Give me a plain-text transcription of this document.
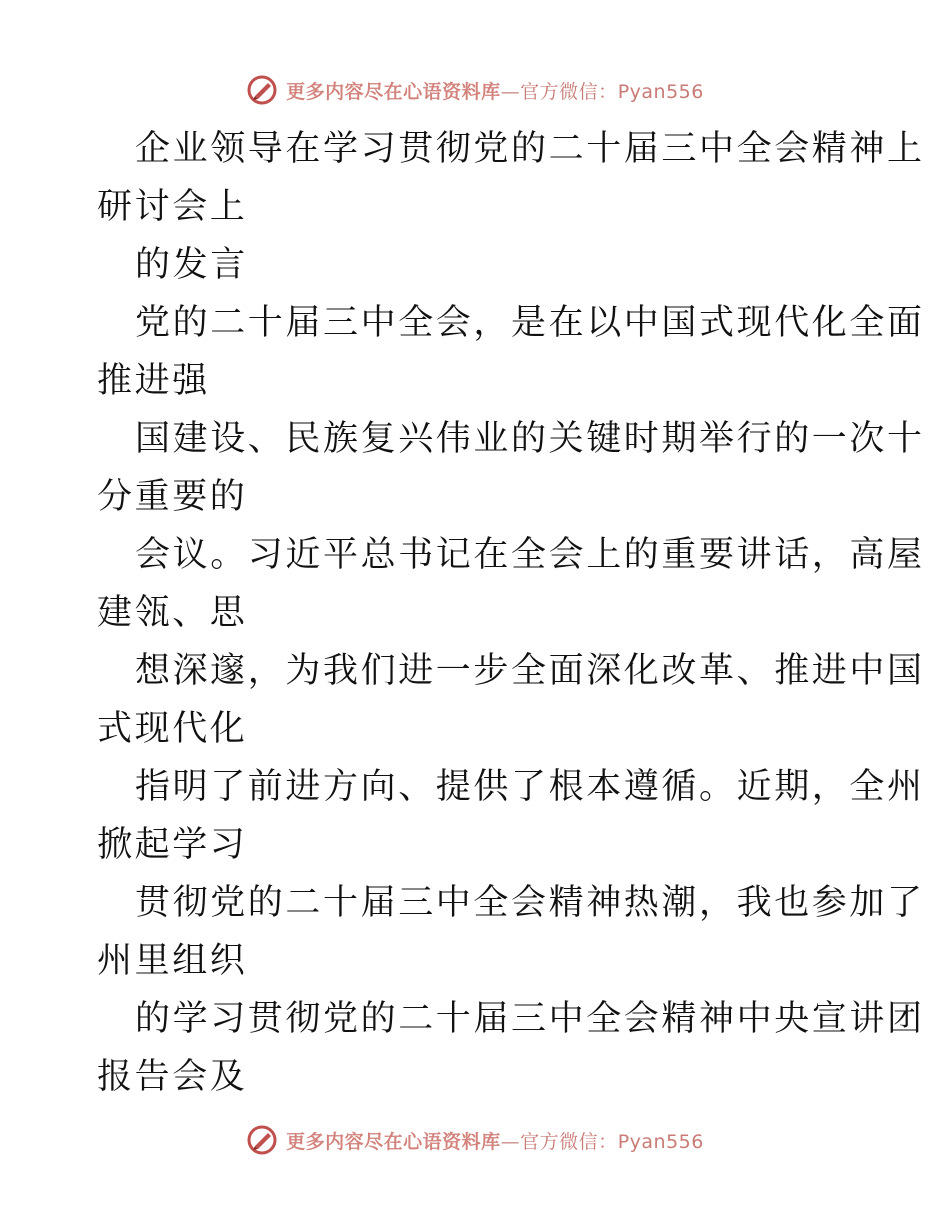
更多内容尽在心语资料库—官方微信：Pyan556
企业领导在学习贯彻党的二十届三中全会精神上
研讨会上
的发言
党的二十届三中全会，是在以中国式现代化全面
推进强
国建设、民族复兴伟业的关键时期举行的一次十
分重要的
会议。习近平总书记在全会上的重要讲话，高屋
建瓴、思
想深邃，为我们进一步全面深化改革、推进中国
式现代化
指明了前进方向、提供了根本遵循。近期，全州
掀起学习
贯彻党的二十届三中全会精神热潮，我也参加了
州里组织
的学习贯彻党的二十届三中全会精神中央宣讲团
报告会及
更多内容尽在心语资料库—官方微信：Pyan556
